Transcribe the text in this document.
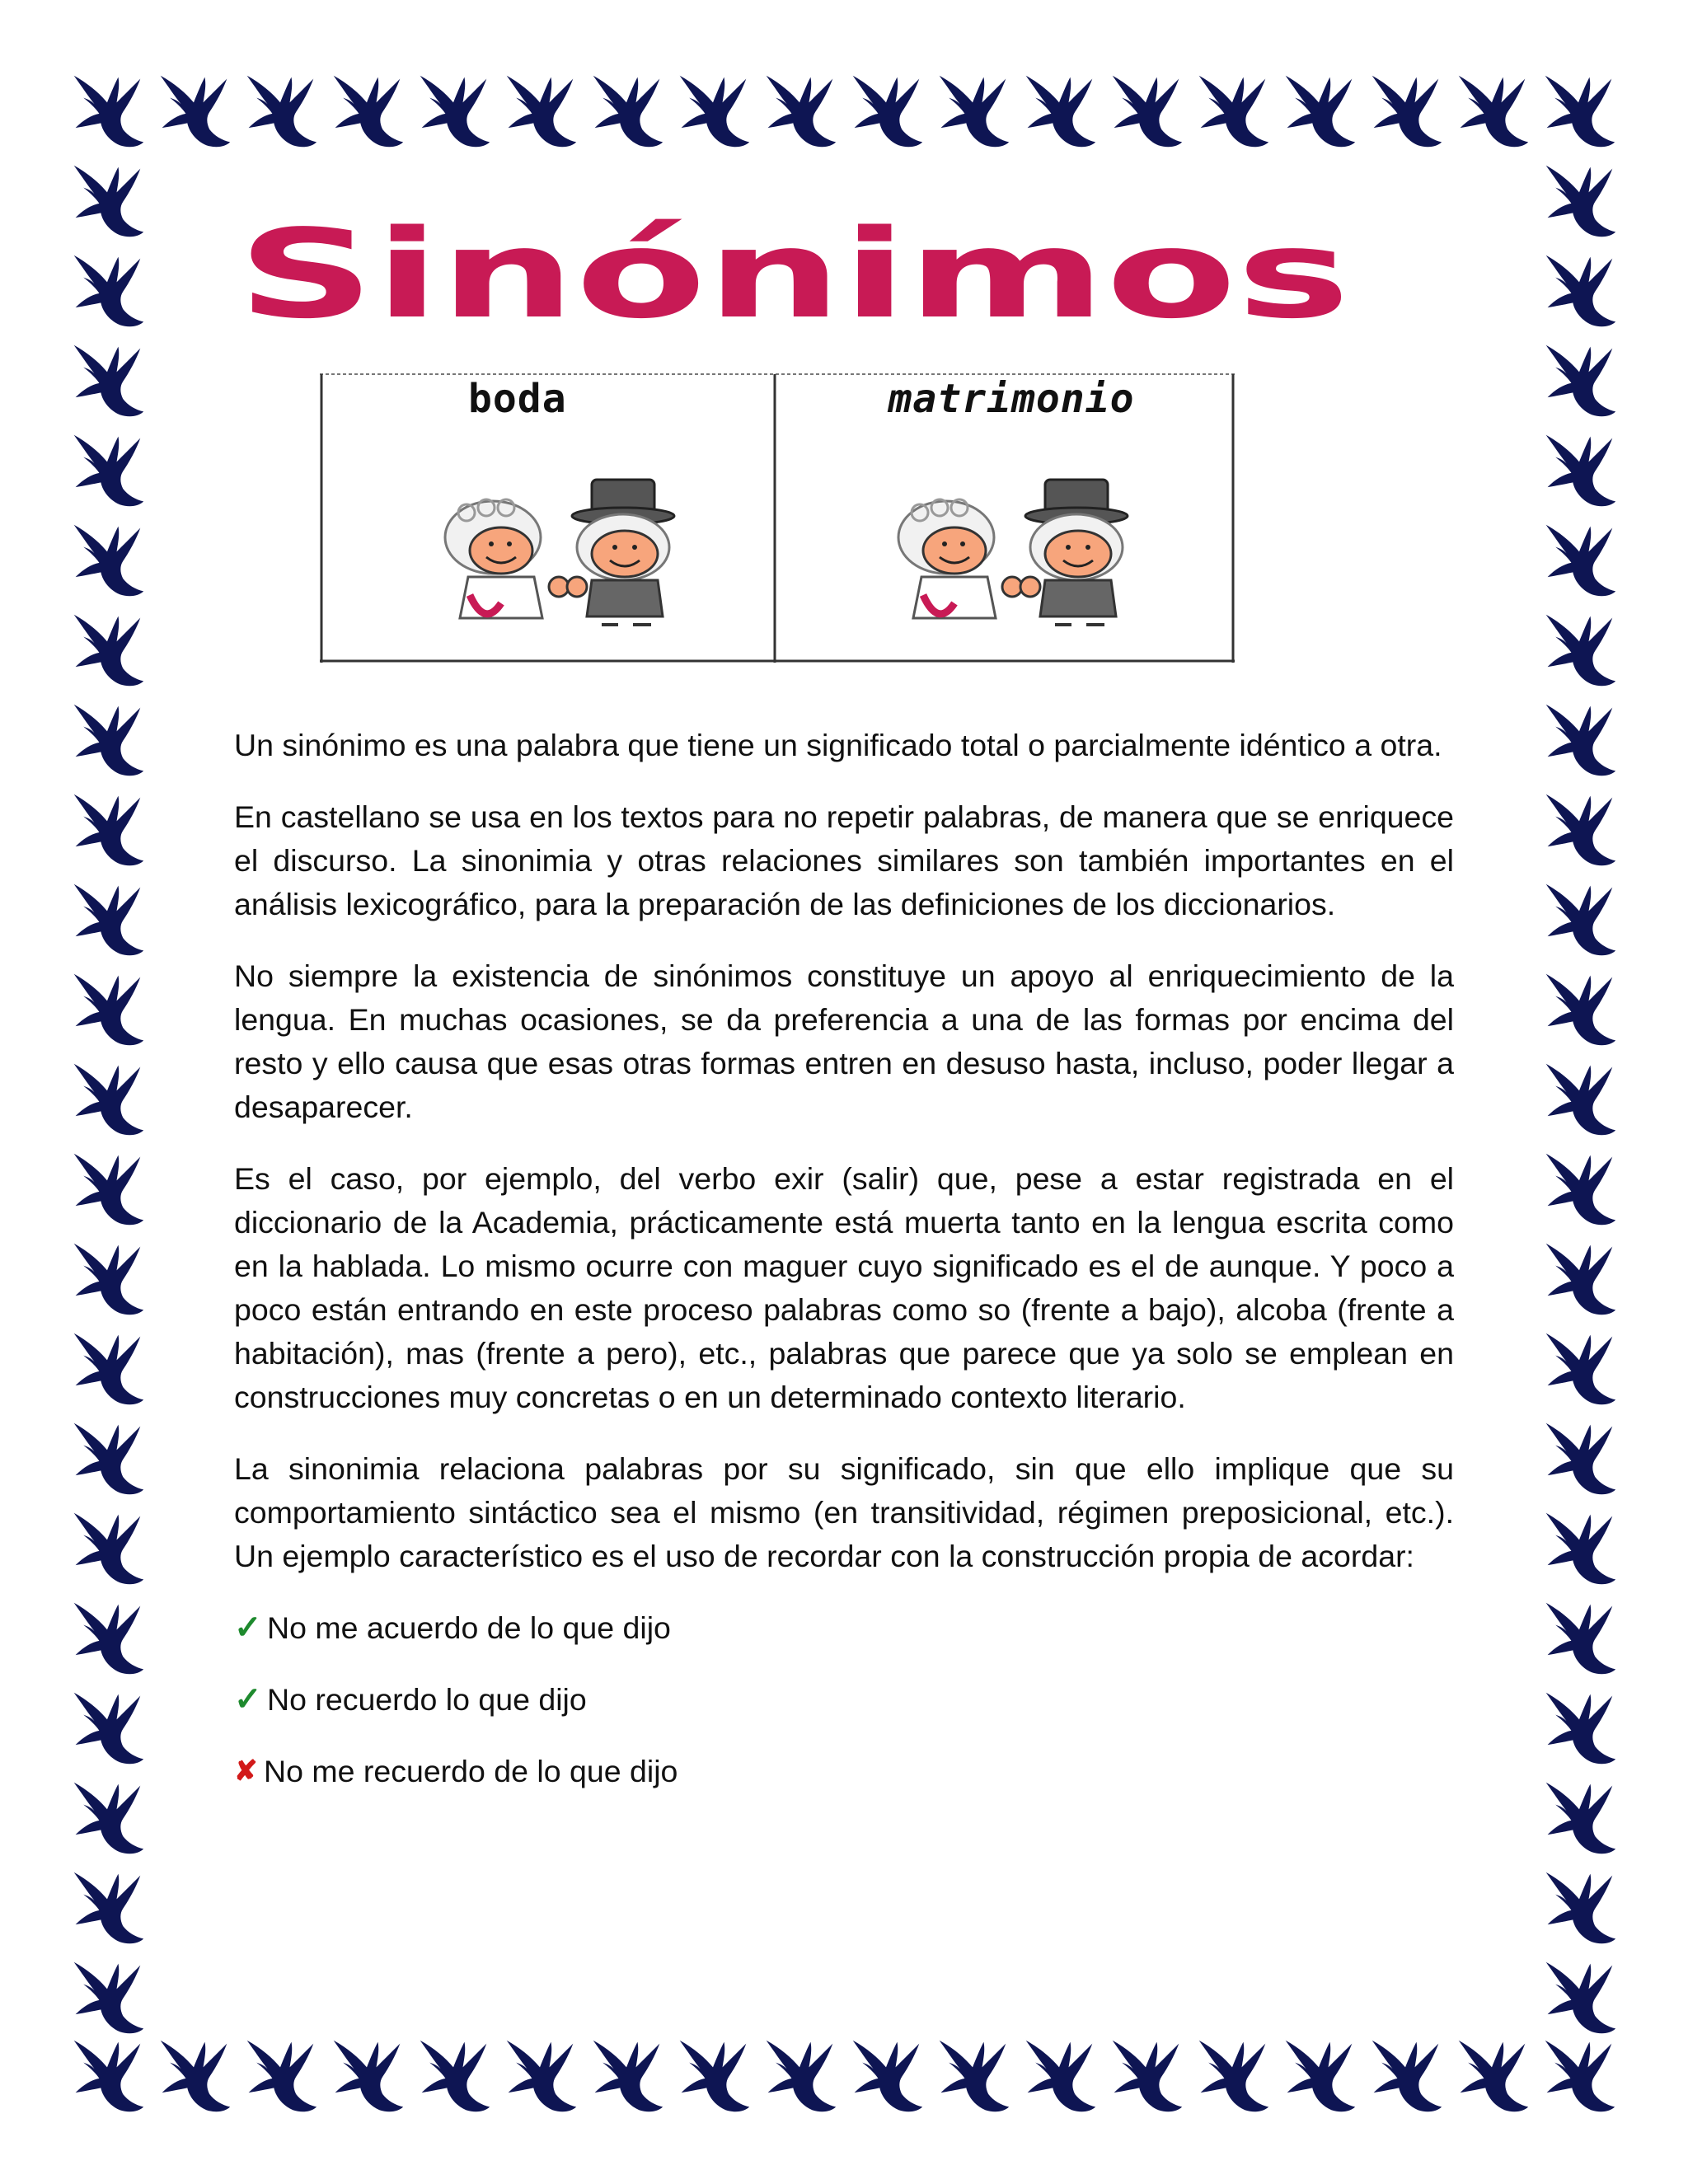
Sinónimos
boda	matrimonio

Un sinónimo es una palabra que tiene un significado total o parcialmente idéntico a otra.

En castellano se usa en los textos para no repetir palabras, de manera que se enriquece el discurso. La sinonimia y otras relaciones similares son también importantes en el análisis lexicográfico, para la preparación de las definiciones de los diccionarios.

No siempre la existencia de sinónimos constituye un apoyo al enriquecimiento de la lengua. En muchas ocasiones, se da preferencia a una de las formas por encima del resto y ello causa que esas otras formas entren en desuso hasta, incluso, poder llegar a desaparecer.

Es el caso, por ejemplo, del verbo exir (salir) que, pese a estar registrada en el diccionario de la Academia, prácticamente está muerta tanto en la lengua escrita como en la hablada. Lo mismo ocurre con maguer cuyo significado es el de aunque. Y poco a poco están entrando en este proceso palabras como so (frente a bajo), alcoba (frente a habitación), mas (frente a pero), etc., palabras que parece que ya solo se emplean en construcciones muy concretas o en un determinado contexto literario.

La sinonimia relaciona palabras por su significado, sin que ello implique que su comportamiento sintáctico sea el mismo (en transitividad, régimen preposicional, etc.). Un ejemplo característico es el uso de recordar con la construcción propia de acordar:

✓ No me acuerdo de lo que dijo
✓ No recuerdo lo que dijo
✘ No me recuerdo de lo que dijo
